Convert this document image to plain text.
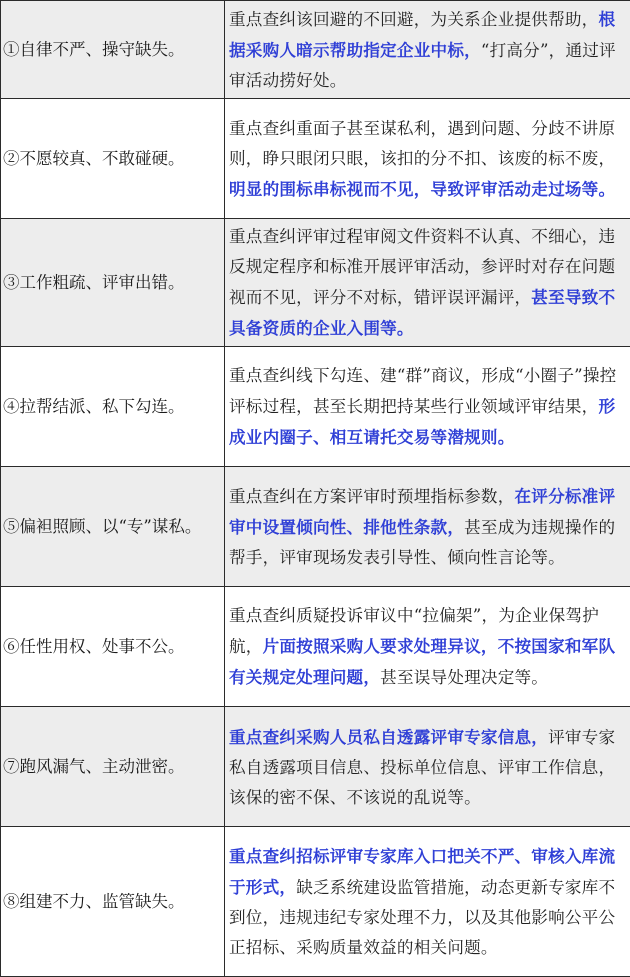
①自律不严、操守缺失。	重点查纠该回避的不回避，为关系企业提供帮助，根据采购人暗示帮助指定企业中标，“打高分”，通过评审活动捞好处。
②不愿较真、不敢碰硬。	重点查纠重面子甚至谋私利，遇到问题、分歧不讲原则，睁只眼闭只眼，该扣的分不扣、该废的标不废，明显的围标串标视而不见，导致评审活动走过场等。
③工作粗疏、评审出错。	重点查纠评审过程审阅文件资料不认真、不细心，违反规定程序和标准开展评审活动，参评时对存在问题视而不见，评分不对标，错评误评漏评，甚至导致不具备资质的企业入围等。
④拉帮结派、私下勾连。	重点查纠线下勾连、建“群”商议，形成“小圈子”操控评标过程，甚至长期把持某些行业领域评审结果，形成业内圈子、相互请托交易等潜规则。
⑤偏袒照顾、以“专”谋私。	重点查纠在方案评审时预埋指标参数，在评分标准评审中设置倾向性、排他性条款，甚至成为违规操作的帮手，评审现场发表引导性、倾向性言论等。
⑥任性用权、处事不公。	重点查纠质疑投诉审议中“拉偏架”，为企业保驾护航，片面按照采购人要求处理异议，不按国家和军队有关规定处理问题，甚至误导处理决定等。
⑦跑风漏气、主动泄密。	重点查纠采购人员私自透露评审专家信息，评审专家私自透露项目信息、投标单位信息、评审工作信息，该保的密不保、不该说的乱说等。
⑧组建不力、监管缺失。	重点查纠招标评审专家库入口把关不严、审核入库流于形式，缺乏系统建设监管措施，动态更新专家库不到位，违规违纪专家处理不力，以及其他影响公平公正招标、采购质量效益的相关问题。
